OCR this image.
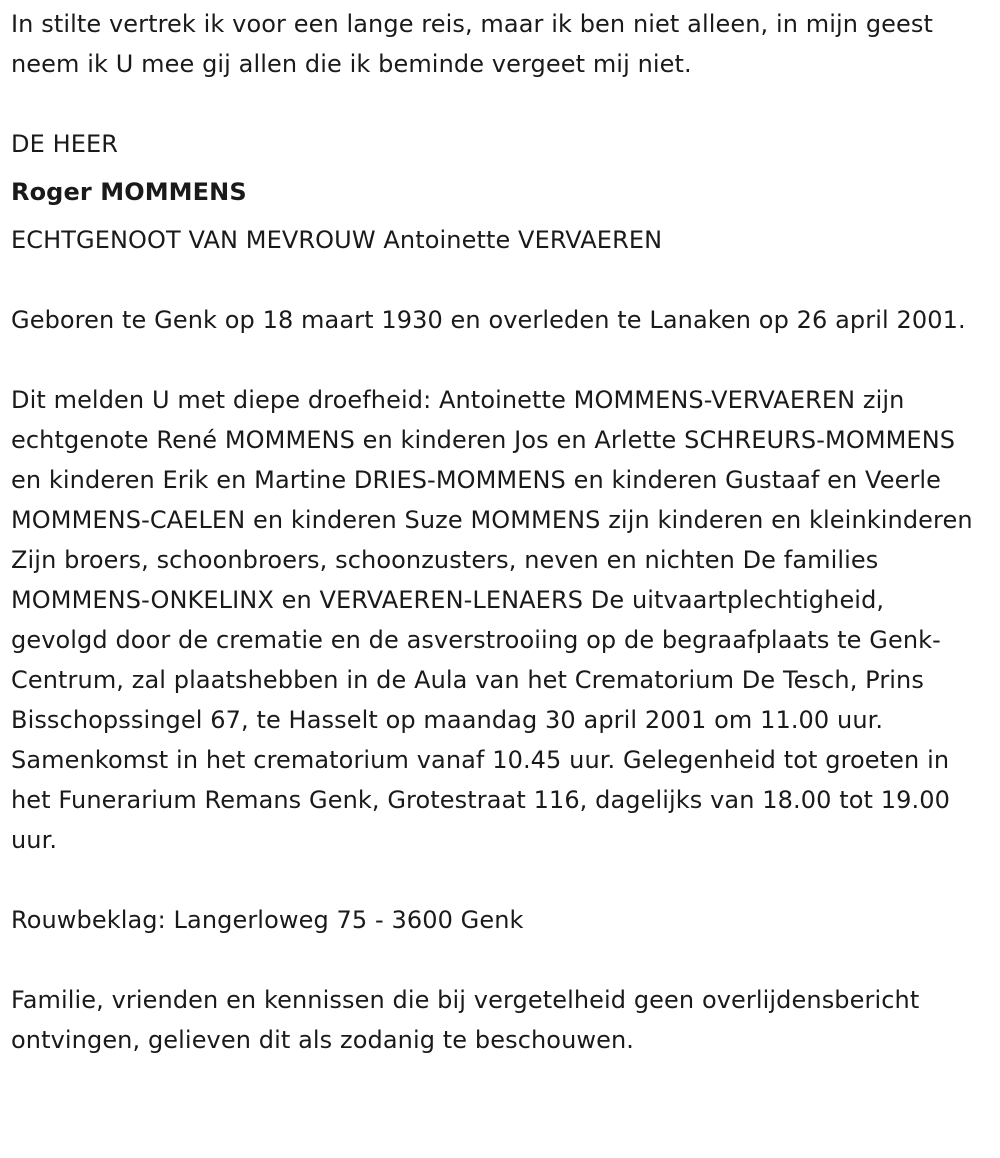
In stilte vertrek ik voor een lange reis, maar ik ben niet alleen, in mijn geest neem ik U mee gij allen die ik beminde vergeet mij niet.

DE HEER

Roger MOMMENS

ECHTGENOOT VAN MEVROUW Antoinette VERVAEREN

Geboren te Genk op 18 maart 1930 en overleden te Lanaken op 26 april 2001.

Dit melden U met diepe droefheid: Antoinette MOMMENS-VERVAEREN zijn echtgenote René MOMMENS en kinderen Jos en Arlette SCHREURS-MOMMENS en kinderen Erik en Martine DRIES-MOMMENS en kinderen Gustaaf en Veerle MOMMENS-CAELEN en kinderen Suze MOMMENS zijn kinderen en kleinkinderen Zijn broers, schoonbroers, schoonzusters, neven en nichten De families MOMMENS-ONKELINX en VERVAEREN-LENAERS De uitvaartplechtigheid, gevolgd door de crematie en de asverstrooiing op de begraafplaats te Genk-Centrum, zal plaatshebben in de Aula van het Crematorium De Tesch, Prins Bisschopssingel 67, te Hasselt op maandag 30 april 2001 om 11.00 uur. Samenkomst in het crematorium vanaf 10.45 uur. Gelegenheid tot groeten in het Funerarium Remans Genk, Grotestraat 116, dagelijks van 18.00 tot 19.00 uur.

Rouwbeklag: Langerloweg 75 - 3600 Genk

Familie, vrienden en kennissen die bij vergetelheid geen overlijdensbericht ontvingen, gelieven dit als zodanig te beschouwen.
